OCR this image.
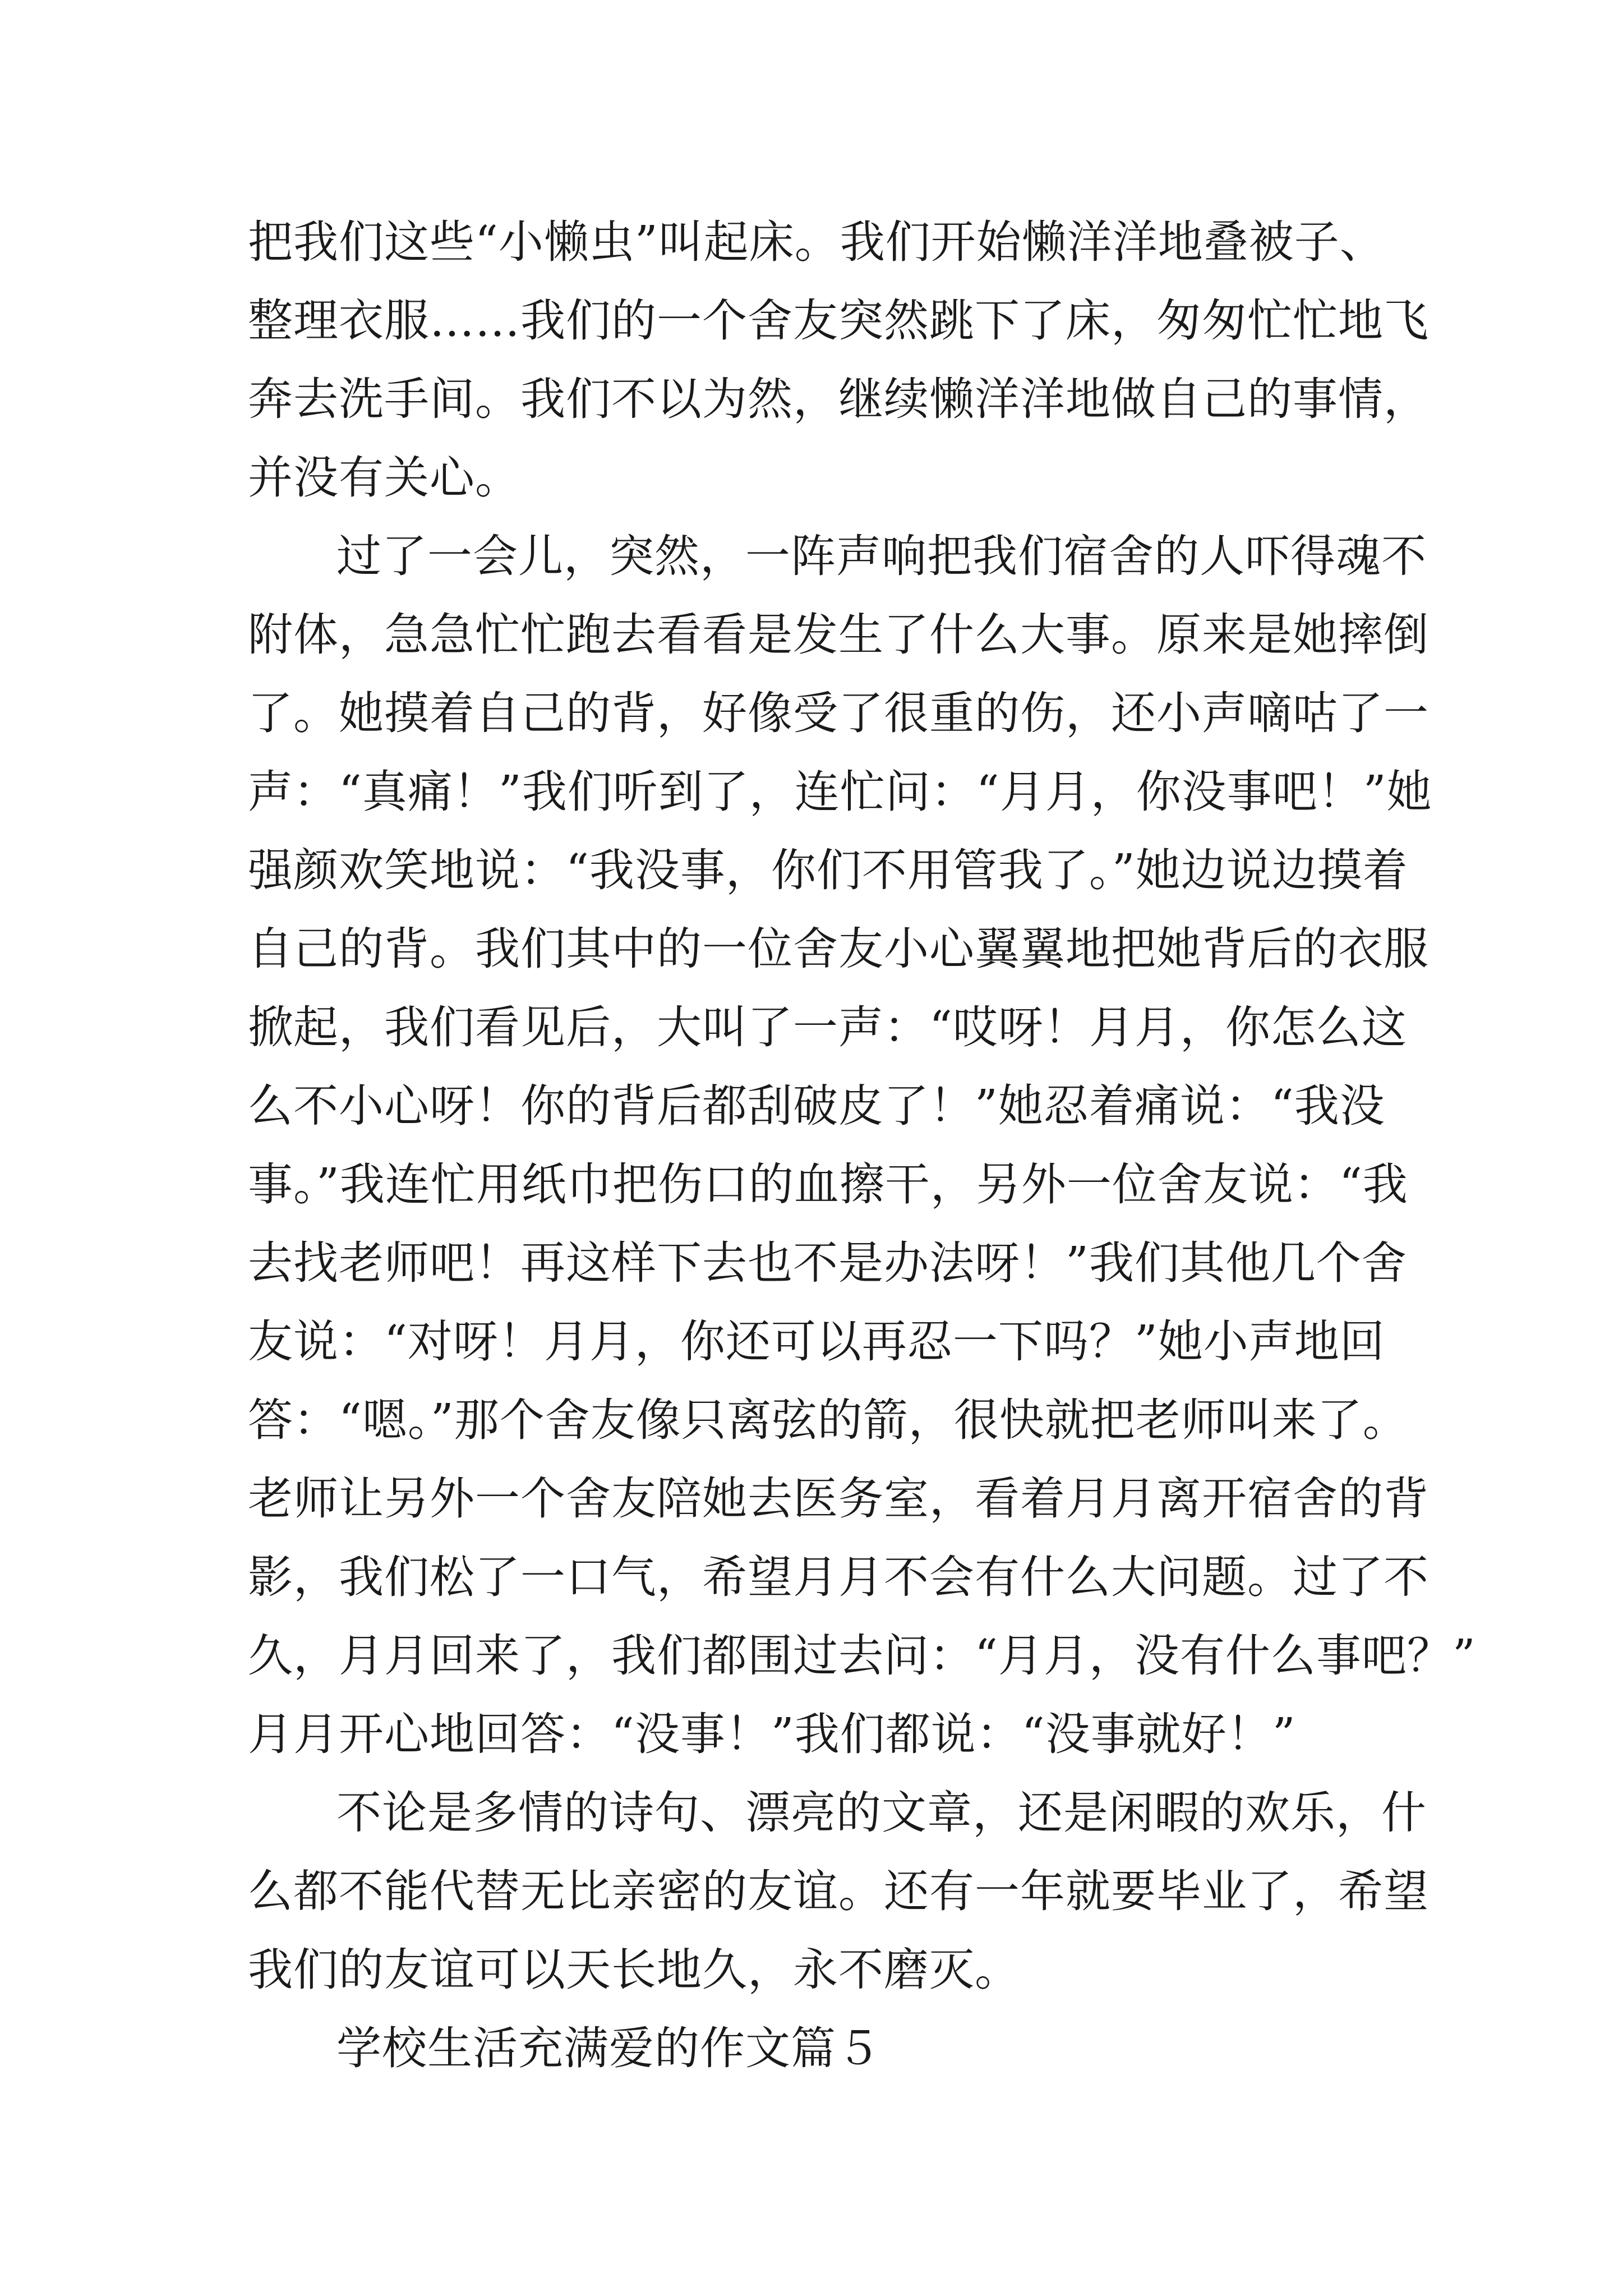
把我们这些“小懒虫”叫起床。我们开始懒洋洋地叠被子、
整理衣服……我们的一个舍友突然跳下了床，匆匆忙忙地飞
奔去洗手间。我们不以为然，继续懒洋洋地做自己的事情，
并没有关心。
过了一会儿，突然，一阵声响把我们宿舍的人吓得魂不
附体，急急忙忙跑去看看是发生了什么大事。原来是她摔倒
了。她摸着自己的背，好像受了很重的伤，还小声嘀咕了一
声：“真痛！”我们听到了，连忙问：“月月，你没事吧！”她
强颜欢笑地说：“我没事，你们不用管我了。”她边说边摸着
自己的背。我们其中的一位舍友小心翼翼地把她背后的衣服
掀起，我们看见后，大叫了一声：“哎呀！月月，你怎么这
么不小心呀！你的背后都刮破皮了！”她忍着痛说：“我没
事。”我连忙用纸巾把伤口的血擦干，另外一位舍友说：“我
去找老师吧！再这样下去也不是办法呀！”我们其他几个舍
友说：“对呀！月月，你还可以再忍一下吗？”她小声地回
答：“嗯。”那个舍友像只离弦的箭，很快就把老师叫来了。
老师让另外一个舍友陪她去医务室，看着月月离开宿舍的背
影，我们松了一口气，希望月月不会有什么大问题。过了不
久，月月回来了，我们都围过去问：“月月，没有什么事吧？”
月月开心地回答：“没事！”我们都说：“没事就好！”
不论是多情的诗句、漂亮的文章，还是闲暇的欢乐，什
么都不能代替无比亲密的友谊。还有一年就要毕业了，希望
我们的友谊可以天长地久，永不磨灭。
学校生活充满爱的作文篇５
